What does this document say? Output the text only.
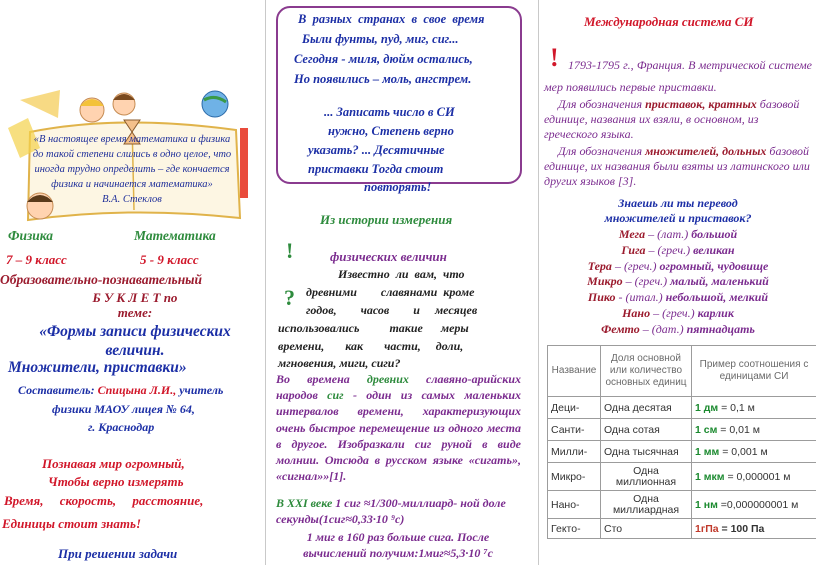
«В настоящее время математика и физика до такой степени слились в одно целое, что иногда трудно определить – где кончается физика и начинается математика»
В.А. Стеклов
Физика	Математика
7 – 9 класс	5 - 9 класс
Образовательно-познавательный
Б У К Л Е Т по
теме:
«Формы записи физических величин.
Множители, приставки»
Составитель: Спицына Л.И., учитель
физики МАОУ лицея № 64,
г. Краснодар
Познавая мир огромный,
Чтобы верно измерять
Время,     скорость,     расстояние,
Единицы стоит знать!
При решении задачи
В  разных  странах  в  свое  время
Были фунты, пуд, миг, сиг...
Сегодня - миля, дюйм остались,
Но появились – моль, ангстрем.
... Записать число в СИ
нужно, Степень верно
указать? ... Десятичные
приставки Тогда стоит
повторять!
Из истории измерения
!	физических величин
?
Известно  ли  вам,  что
древними        славянами  кроме
годов,        часов        и     месяцев
использовались          такие      меры
времени,       как       части,     доли,
мгновения, миги, сиги?
Во времена древних славяно-арийских народов сиг - один из самых маленьких интервалов времени, характеризующих очень быстрое перемещение из одного места в другое. Изобразкали сиг руной в виде молнии. Отсюда в русском языке «сигать», «сигнал»»[1].
В XXI веке 1 сиг ≈1/300-миллиард- ной доле секунды(1сиг≈0,33·10 ⁹с)
1 миг в 160 раз больше сига. После вычислений получим:1миг≈5,3·10 ⁷с
Международная система СИ
! 1793-1795 г., Франция. В метрической системе мер появились первые приставки.
Для обозначения приставок, кратных базовой единице, названия их взяли, в основном, из греческого языка.
Для обозначения множителей, дольных базовой единице, их названия были взяты из латинского или других языков [3].
Знаешь ли ты перевод
множителей и приставок?
Мега – (лат.) большой
Гига – (греч.) великан
Тера – (греч.) огромный, чудовище
Микро – (греч.) малый, маленький
Пико - (итал.) небольшой, мелкий
Нано – (греч.) карлик
Фемто – (дат.) пятнадцать
Название	Доля основной или количество основных единиц	Пример соотношения с единицами СИ
Деци-	Одна десятая	1 дм = 0,1 м
Санти-	Одна сотая	1 см = 0,01 м
Милли-	Одна тысячная	1 мм = 0,001 м
Микро-	Одна миллионная	1 мкм = 0,000001 м
Нано-	Одна миллиардная	1 нм =0,000000001 м
Гекто-	Сто	1гПа = 100 Па
